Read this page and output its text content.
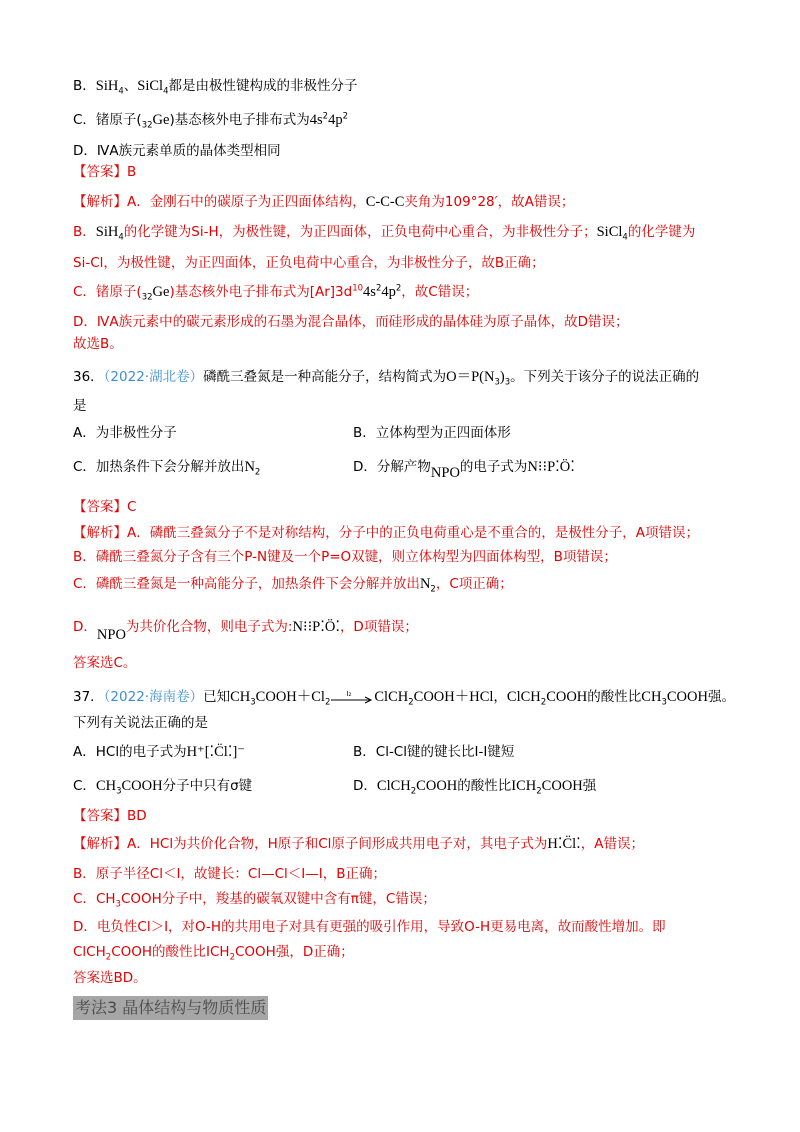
B．SiH$_4$、SiCl$_4$都是由极性键构成的非极性分子
C．锗原子$(_{32}Ge)$基态核外电子排布式为$4s^24p^2$
D．ⅣA族元素单质的晶体类型相同
【答案】B
【解析】A．金刚石中的碳原子为正四面体结构，C-C-C夹角为109°28′，故A错误；
B．SiH$_4$的化学键为Si-H，为极性键，为正四面体，正负电荷中心重合，为非极性分子；SiCl$_4$的化学键为
Si-Cl，为极性键，为正四面体，正负电荷中心重合，为非极性分子，故B正确；
C．锗原子$(_{32}Ge)$基态核外电子排布式为$[Ar]3d^{10}4s^24p^2$，故C错误；
D．ⅣA族元素中的碳元素形成的石墨为混合晶体，而硅形成的晶体硅为原子晶体，故D错误；
故选B。
36．（2022·湖北卷）磷酰三叠氮是一种高能分子，结构简式为$O=P(N_3)_3$。下列关于该分子的说法正确的
是
A．为非极性分子	B．立体构型为正四面体形
C．加热条件下会分解并放出$N_2$	D．分解产物NPO的电子式为N⁝⁝P⁚Ö⁚
【答案】C
【解析】A．磷酰三叠氮分子不是对称结构，分子中的正负电荷重心是不重合的，是极性分子，A项错误；
B．磷酰三叠氮分子含有三个P-N键及一个P=O双键，则立体构型为四面体构型，B项错误；
C．磷酰三叠氮是一种高能分子，加热条件下会分解并放出$N_2$，C项正确；
D．NPO为共价化合物，则电子式为:N⁝⁝P⁚Ö⁚，D项错误；
答案选C。
37．（2022·海南卷）已知$CH_3COOH+Cl_2$
I₂ ClCH$_2$COOH＋HCl，ClCH$_2$COOH的酸性比$CH_3COOH$强。
下列有关说法正确的是
A．HCl的电子式为H⁺[⁚C̈l⁚]⁻	B．Cl-Cl键的键长比I-I键短
C．$CH_3COOH$分子中只有σ键	D．ClCH$_2$COOH的酸性比$ICH_2COOH$强
【答案】BD
【解析】A．HCl为共价化合物，H原子和Cl原子间形成共用电子对，其电子式为H⁚C̈l⁚，A错误；
B．原子半径Cl＜I，故键长：Cl—Cl＜I—I，B正确；
C．$CH_3COOH$分子中，羧基的碳氧双键中含有π键，C错误；
D．电负性Cl＞I，对O-H的共用电子对具有更强的吸引作用，导致O-H更易电离，故而酸性增加。即
ClCH$_2$COOH的酸性比$ICH_2COOH$强，D正确；
答案选BD。
考法3 晶体结构与物质性质
